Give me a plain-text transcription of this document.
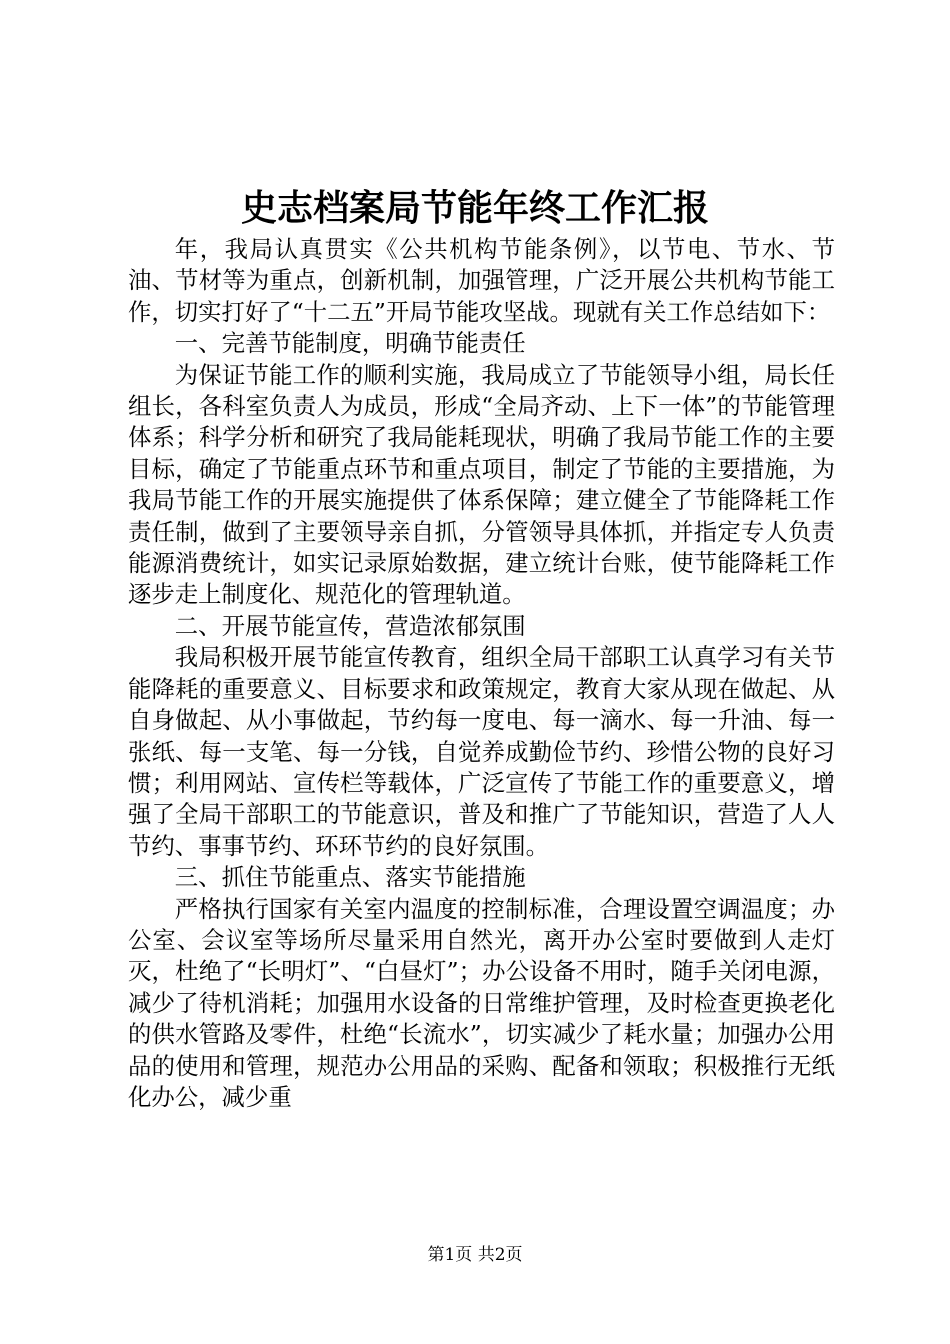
史志档案局节能年终工作汇报

年，我局认真贯实《公共机构节能条例》，以节电、节水、节油、节材等为重点，创新机制，加强管理，广泛开展公共机构节能工作，切实打好了“十二五”开局节能攻坚战。现就有关工作总结如下：

一、完善节能制度，明确节能责任

为保证节能工作的顺利实施，我局成立了节能领导小组，局长任组长，各科室负责人为成员，形成“全局齐动、上下一体”的节能管理体系；科学分析和研究了我局能耗现状，明确了我局节能工作的主要目标，确定了节能重点环节和重点项目，制定了节能的主要措施，为我局节能工作的开展实施提供了体系保障；建立健全了节能降耗工作责任制，做到了主要领导亲自抓，分管领导具体抓，并指定专人负责能源消费统计，如实记录原始数据，建立统计台账，使节能降耗工作逐步走上制度化、规范化的管理轨道。

二、开展节能宣传，营造浓郁氛围

我局积极开展节能宣传教育，组织全局干部职工认真学习有关节能降耗的重要意义、目标要求和政策规定，教育大家从现在做起、从自身做起、从小事做起，节约每一度电、每一滴水、每一升油、每一张纸、每一支笔、每一分钱，自觉养成勤俭节约、珍惜公物的良好习惯；利用网站、宣传栏等载体，广泛宣传了节能工作的重要意义，增强了全局干部职工的节能意识，普及和推广了节能知识，营造了人人节约、事事节约、环环节约的良好氛围。

三、抓住节能重点、落实节能措施

严格执行国家有关室内温度的控制标准，合理设置空调温度；办公室、会议室等场所尽量采用自然光，离开办公室时要做到人走灯灭，杜绝了“长明灯”、“白昼灯”；办公设备不用时，随手关闭电源，减少了待机消耗；加强用水设备的日常维护管理，及时检查更换老化的供水管路及零件，杜绝“长流水”，切实减少了耗水量；加强办公用品的使用和管理，规范办公用品的采购、配备和领取；积极推行无纸化办公，减少重

第1页 共2页
